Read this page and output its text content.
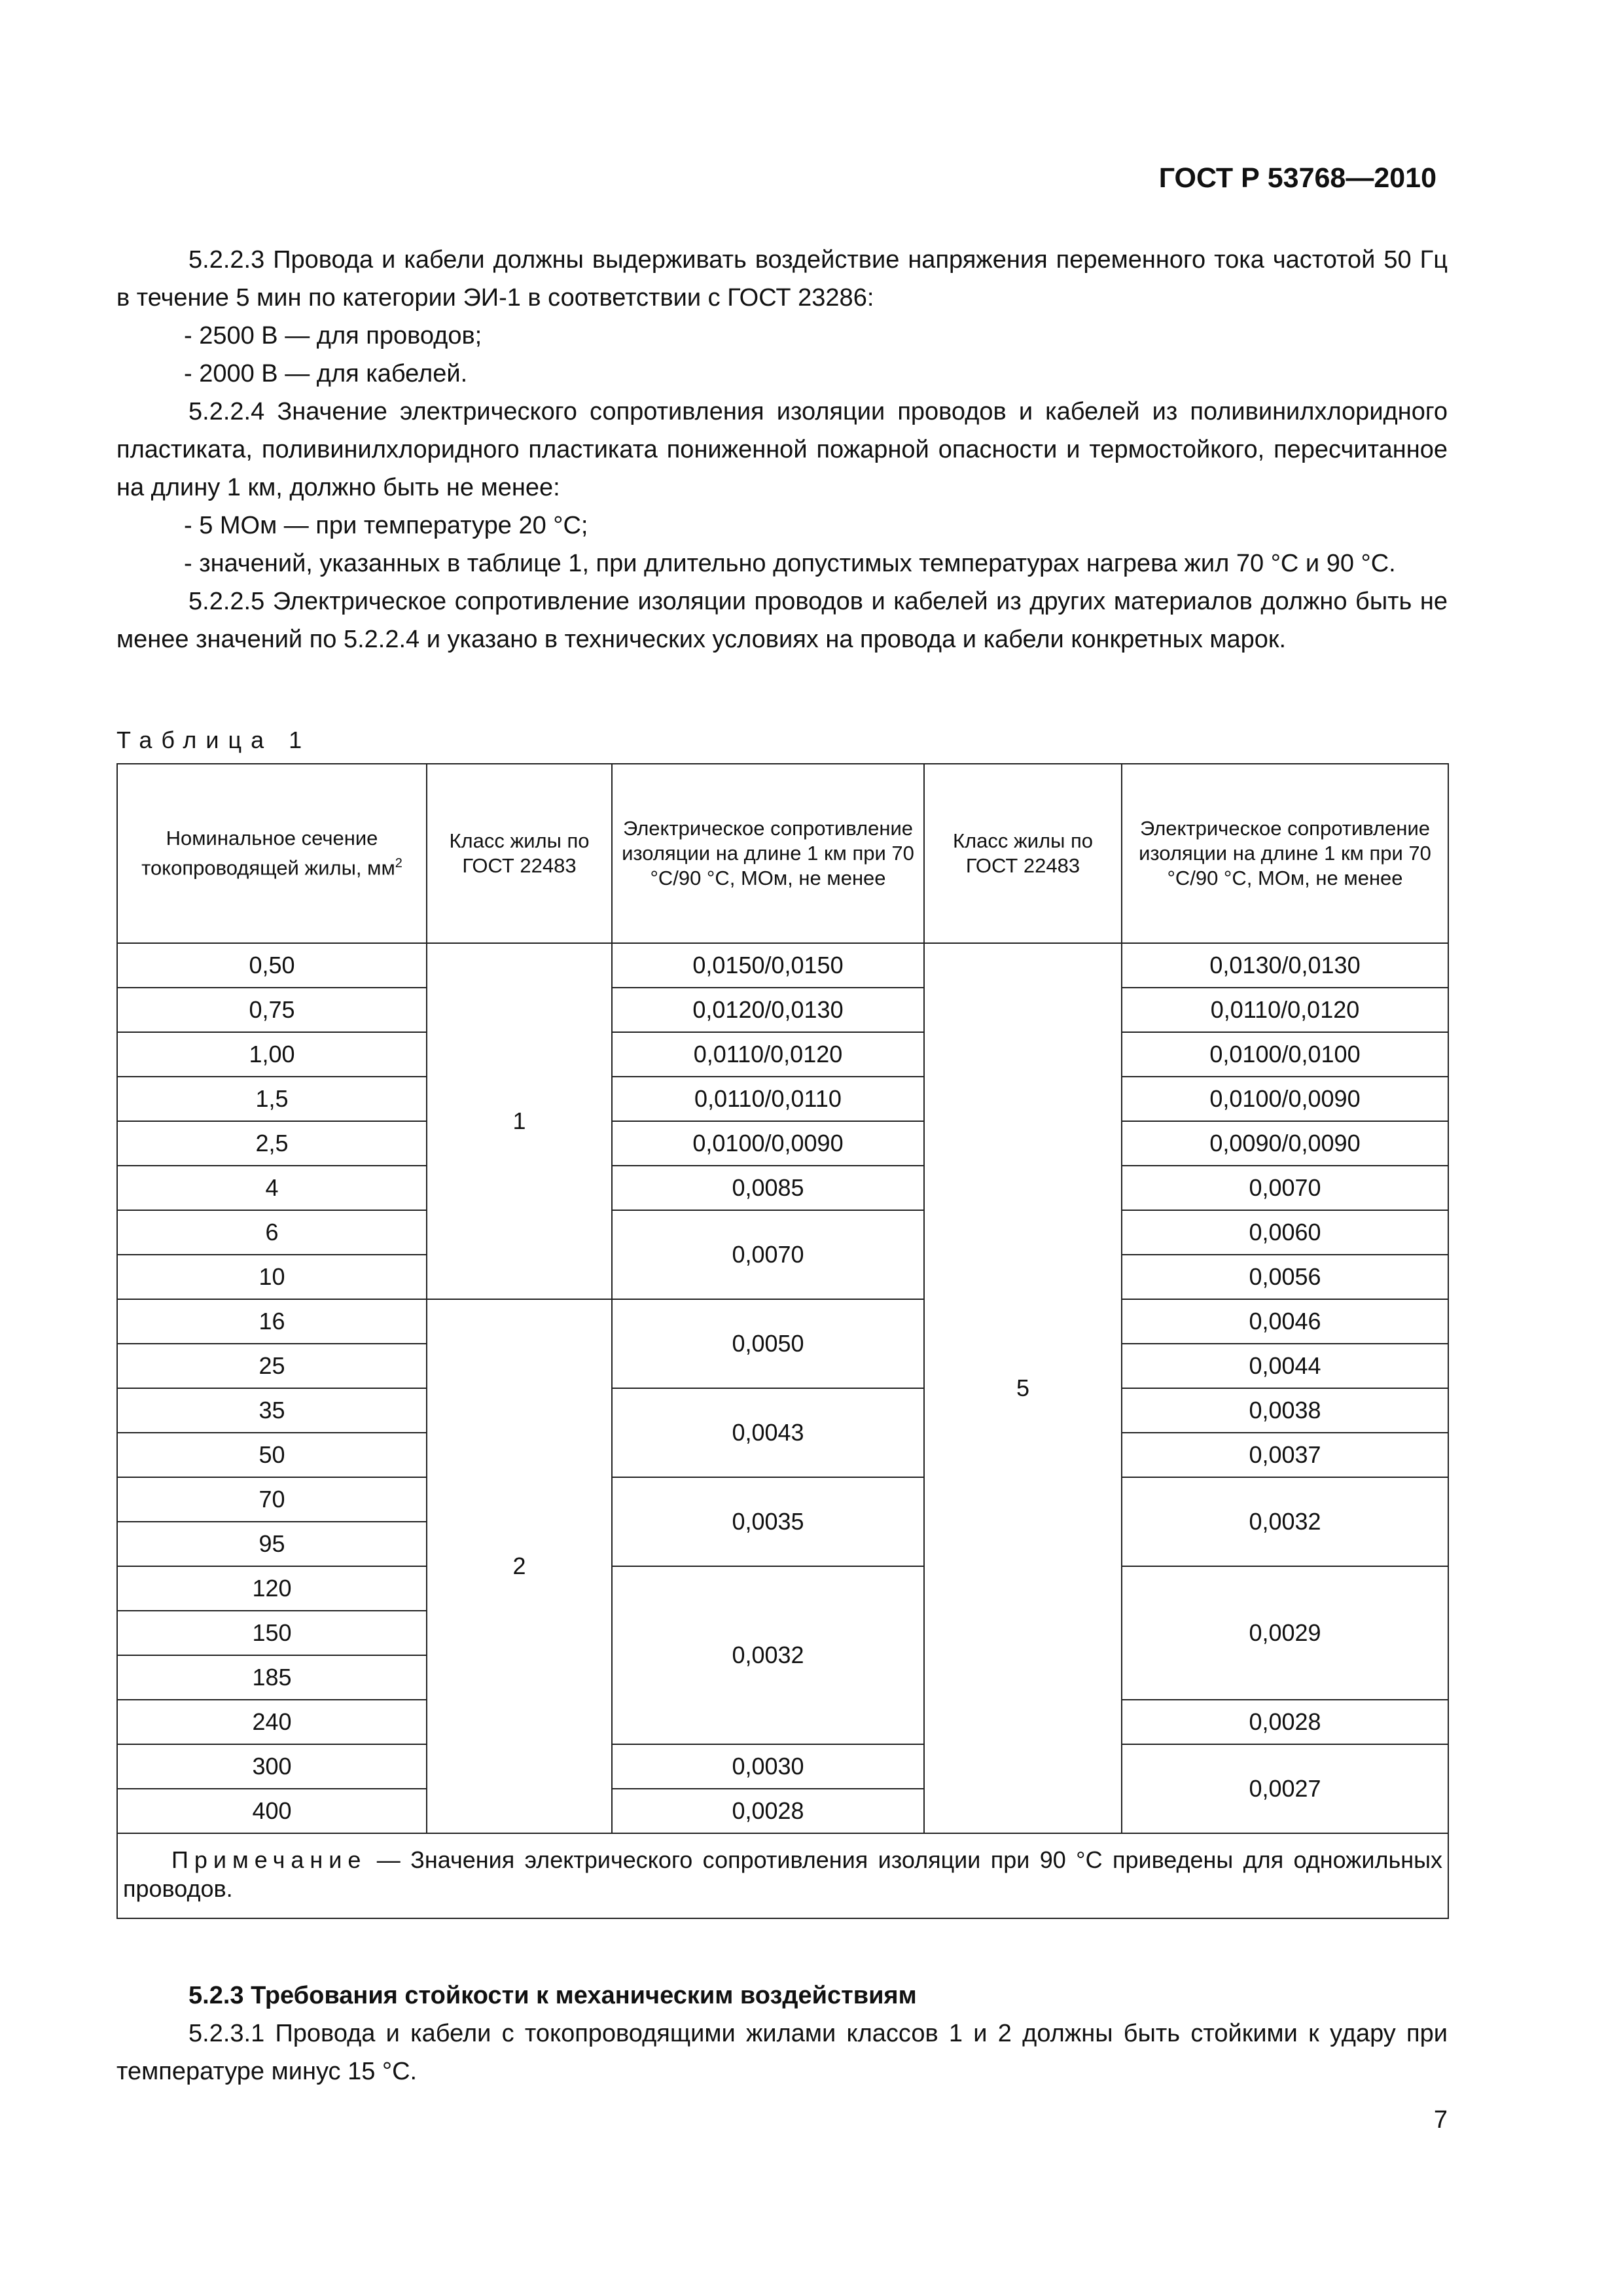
ГОСТ Р 53768—2010

5.2.2.3 Провода и кабели должны выдерживать воздействие напряжения переменного тока частотой 50 Гц в течение 5 мин по категории ЭИ-1 в соответствии с ГОСТ 23286:

- 2500 В — для проводов;

- 2000 В — для кабелей.

5.2.2.4 Значение электрического сопротивления изоляции проводов и кабелей из поливинилхлоридного пластиката, поливинилхлоридного пластиката пониженной пожарной опасности и термостойкого, пересчитанное на длину 1 км, должно быть не менее:

- 5 МОм — при температуре 20 °С;

- значений, указанных в таблице 1, при длительно допустимых температурах нагрева жил 70 °С и 90 °С.

5.2.2.5 Электрическое сопротивление изоляции проводов и кабелей из других материалов должно быть не менее значений по 5.2.2.4 и указано в технических условиях на провода и кабели конкретных марок.

Таблица 1
Номинальное сечение токопроводящей жилы, $мм^2$	Класс жилы по ГОСТ 22483	Электрическое сопротивление изоляции на длине 1 км при 70 °С/90 °С, МОм, не менее	Класс жилы по ГОСТ 22483	Электрическое сопротивление изоляции на длине 1 км при 70 °С/90 °С, МОм, не менее
0,50	1	0,0150/0,0150	5	0,0130/0,0130
0,75		0,0120/0,0130		0,0110/0,0120
1,00		0,0110/0,0120		0,0100/0,0100
1,5		0,0110/0,0110		0,0100/0,0090
2,5		0,0100/0,0090		0,0090/0,0090
4		0,0085		0,0070
6		0,0070		0,0060
10				0,0056
16	2	0,0050		0,0046
25				0,0044
35		0,0043		0,0038
50				0,0037
70		0,0035		0,0032
95				
120		0,0032		0,0029
150				
185				
240				0,0028
300		0,0030		0,0027
400		0,0028		
Примечание — Значения электрического сопротивления изоляции при 90 °С приведены для одножильных проводов.				

5.2.3 Требования стойкости к механическим воздействиям

5.2.3.1 Провода и кабели с токопроводящими жилами классов 1 и 2 должны быть стойкими к удару при температуре минус 15 °С.

7
